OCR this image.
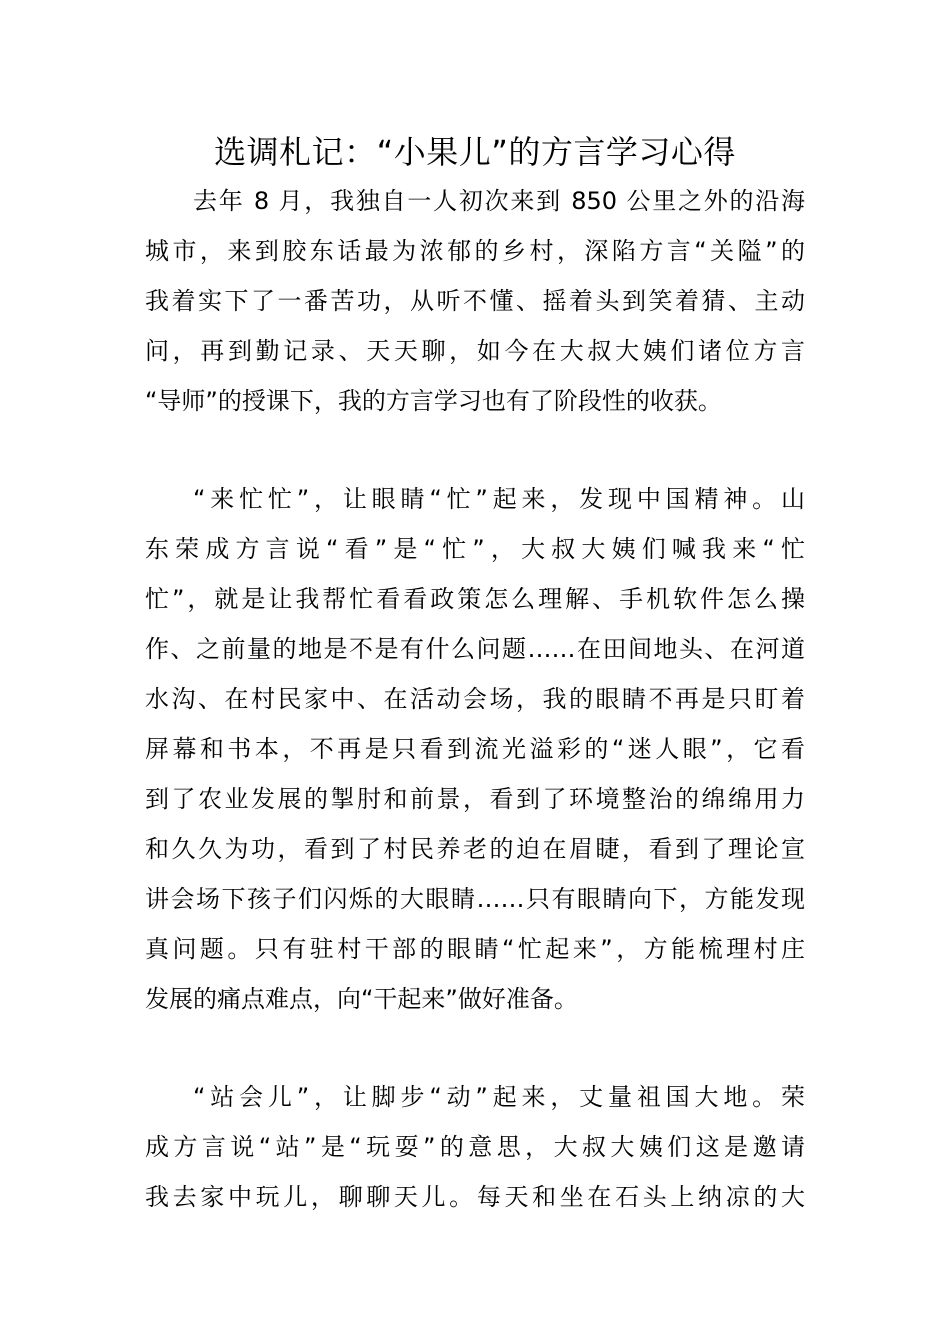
选调札记：“小果儿”的方言学习心得
去年 8 月，我独自一人初次来到 850 公里之外的沿海
城市，来到胶东话最为浓郁的乡村，深陷方言“关隘”的
我着实下了一番苦功，从听不懂、摇着头到笑着猜、主动
问，再到勤记录、天天聊，如今在大叔大姨们诸位方言
“导师”的授课下，我的方言学习也有了阶段性的收获。
“来忙忙”，让眼睛“忙”起来，发现中国精神。山
东荣成方言说“看”是“忙”，大叔大姨们喊我来“忙
忙”，就是让我帮忙看看政策怎么理解、手机软件怎么操
作、之前量的地是不是有什么问题……在田间地头、在河道
水沟、在村民家中、在活动会场，我的眼睛不再是只盯着
屏幕和书本，不再是只看到流光溢彩的“迷人眼”，它看
到了农业发展的掣肘和前景，看到了环境整治的绵绵用力
和久久为功，看到了村民养老的迫在眉睫，看到了理论宣
讲会场下孩子们闪烁的大眼睛……只有眼睛向下，方能发现
真问题。只有驻村干部的眼睛“忙起来”，方能梳理村庄
发展的痛点难点，向“干起来”做好准备。
“站会儿”，让脚步“动”起来，丈量祖国大地。荣
成方言说“站”是“玩耍”的意思，大叔大姨们这是邀请
我去家中玩儿，聊聊天儿。每天和坐在石头上纳凉的大
